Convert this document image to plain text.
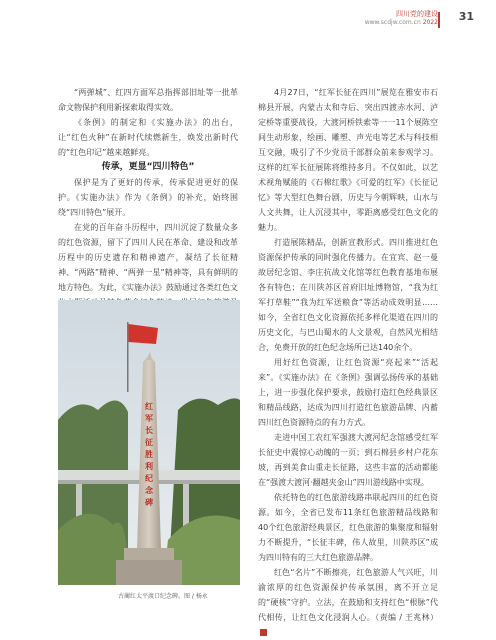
四川党的建设
www.scdjw.com.cn 2022 31

“两弹城”、红四方面军总指挥部旧址等一批革命文物保护利用新探索取得实效。

《条例》的制定和《实施办法》的出台，让“红色火种”在新时代续燃新生，焕发出新时代的“红色印记”越来越鲜亮。

传承，更显“四川特色”

保护是为了更好的传承，传承促进更好的保护。《实施办法》作为《条例》的补充，始终围绕“四川特色”展开。

在党的百年奋斗历程中，四川沉淀了数量众多的红色资源，留下了四川人民在革命、建设和改革历程中的历史遗存和精神遗产，凝结了长征精神、“两路”精神、“两弹一星”精神等，具有鲜明的地方特色。为此，《实施办法》鼓励通过各类红色文

红军长征胜利纪念碑
古蔺红太平渡口纪念碑。图 / 杨永

4月27日，“红军长征在四川”展览在雅安市石棉县开展，内蒙古太和寺后、突出四渡赤水河、泸定桥等重要战役，大渡河桥铁索等一一11个展陈空间生动形象，绘画、雕塑、声光电等艺术与科技相互交融，吸引了不少党员干部群众前来参观学习。这样的红军长征展陈将维持多月。不仅如此，以艺术视角赋能的《石棉红歌》《可爱的红军》《长征记忆》等大型红色舞台剧，历史与今朝辉映，山水与人文共舞，让人沉浸其中，零距离感受红色文化的魅力。

打造展陈精品，创新宣教形式。四川推进红色资源保护传承的同时强化传播力。在宜宾、赵一曼故居纪念馆、李庄抗战文化馆等红色教育基地布展各有特色；在川陕苏区首府旧址博物馆，“我为红军打草鞋”“我为红军送粮食”等活动成效明显……如今，全省红色文化资源依托多样化渠道在四川的历史文化，与巴山蜀水的人文景观，自然风光相结合，免费开放的红色纪念场所已达140余个。

用好红色资源，让红色资源“亮起来”“活起来”。《实施办法》在《条例》强调弘扬传承的基础上，进一步强化保护要求，鼓励打造红色经典景区和精品线路，达成为四川打造红色旅游品牌、内蓄四川红色资源特点的有力方式。

走进中国工农红军强渡大渡河纪念馆感受红军长征史中震惊心动魄的一页；到石棉县乡村户花东坡，再到美食山重走长征路，这些丰富的活动都能在“强渡大渡河·翻越夹金山”四川游线路中实现。

依托特色的红色旅游线路串联起四川的红色资源。如今，全省已发布11条红色旅游精品线路和40个红色旅游经典景区，红色旅游的集聚度和辐射力不断提升，“长征丰碑，伟人故里，川陕苏区”成为四川特有的三大红色旅游品牌。

红色“名片”不断擦亮，红色旅游人气兴旺，川渝浓厚的红色资源保护传承氛围，离不开立足的“硬核”守护。立法，在鼓励和支持红色“根脉”代代相传，让红色文化浸润人心。（责编 / 王兆林）
